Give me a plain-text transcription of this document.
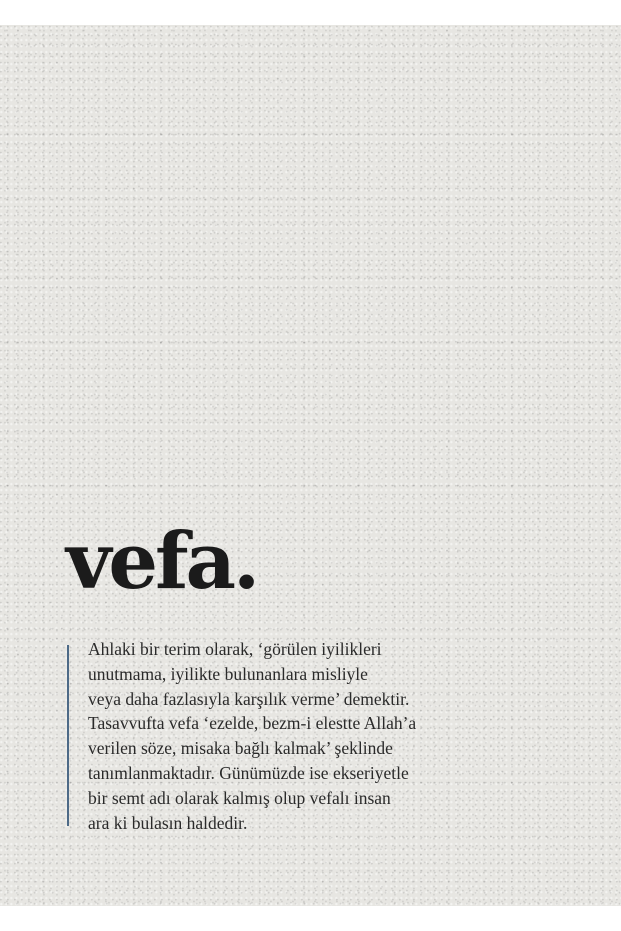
vefa.
Ahlaki bir terim olarak, ‘görülen iyilikleri
unutmama, iyilikte bulunanlara misliyle
veya daha fazlasıyla karşılık verme’ demektir.
Tasavvufta vefa ‘ezelde, bezm-i elestte Allah’a
verilen söze, misaka bağlı kalmak’ şeklinde
tanımlanmaktadır. Günümüzde ise ekseriyetle
bir semt adı olarak kalmış olup vefalı insan
ara ki bulasın haldedir.
